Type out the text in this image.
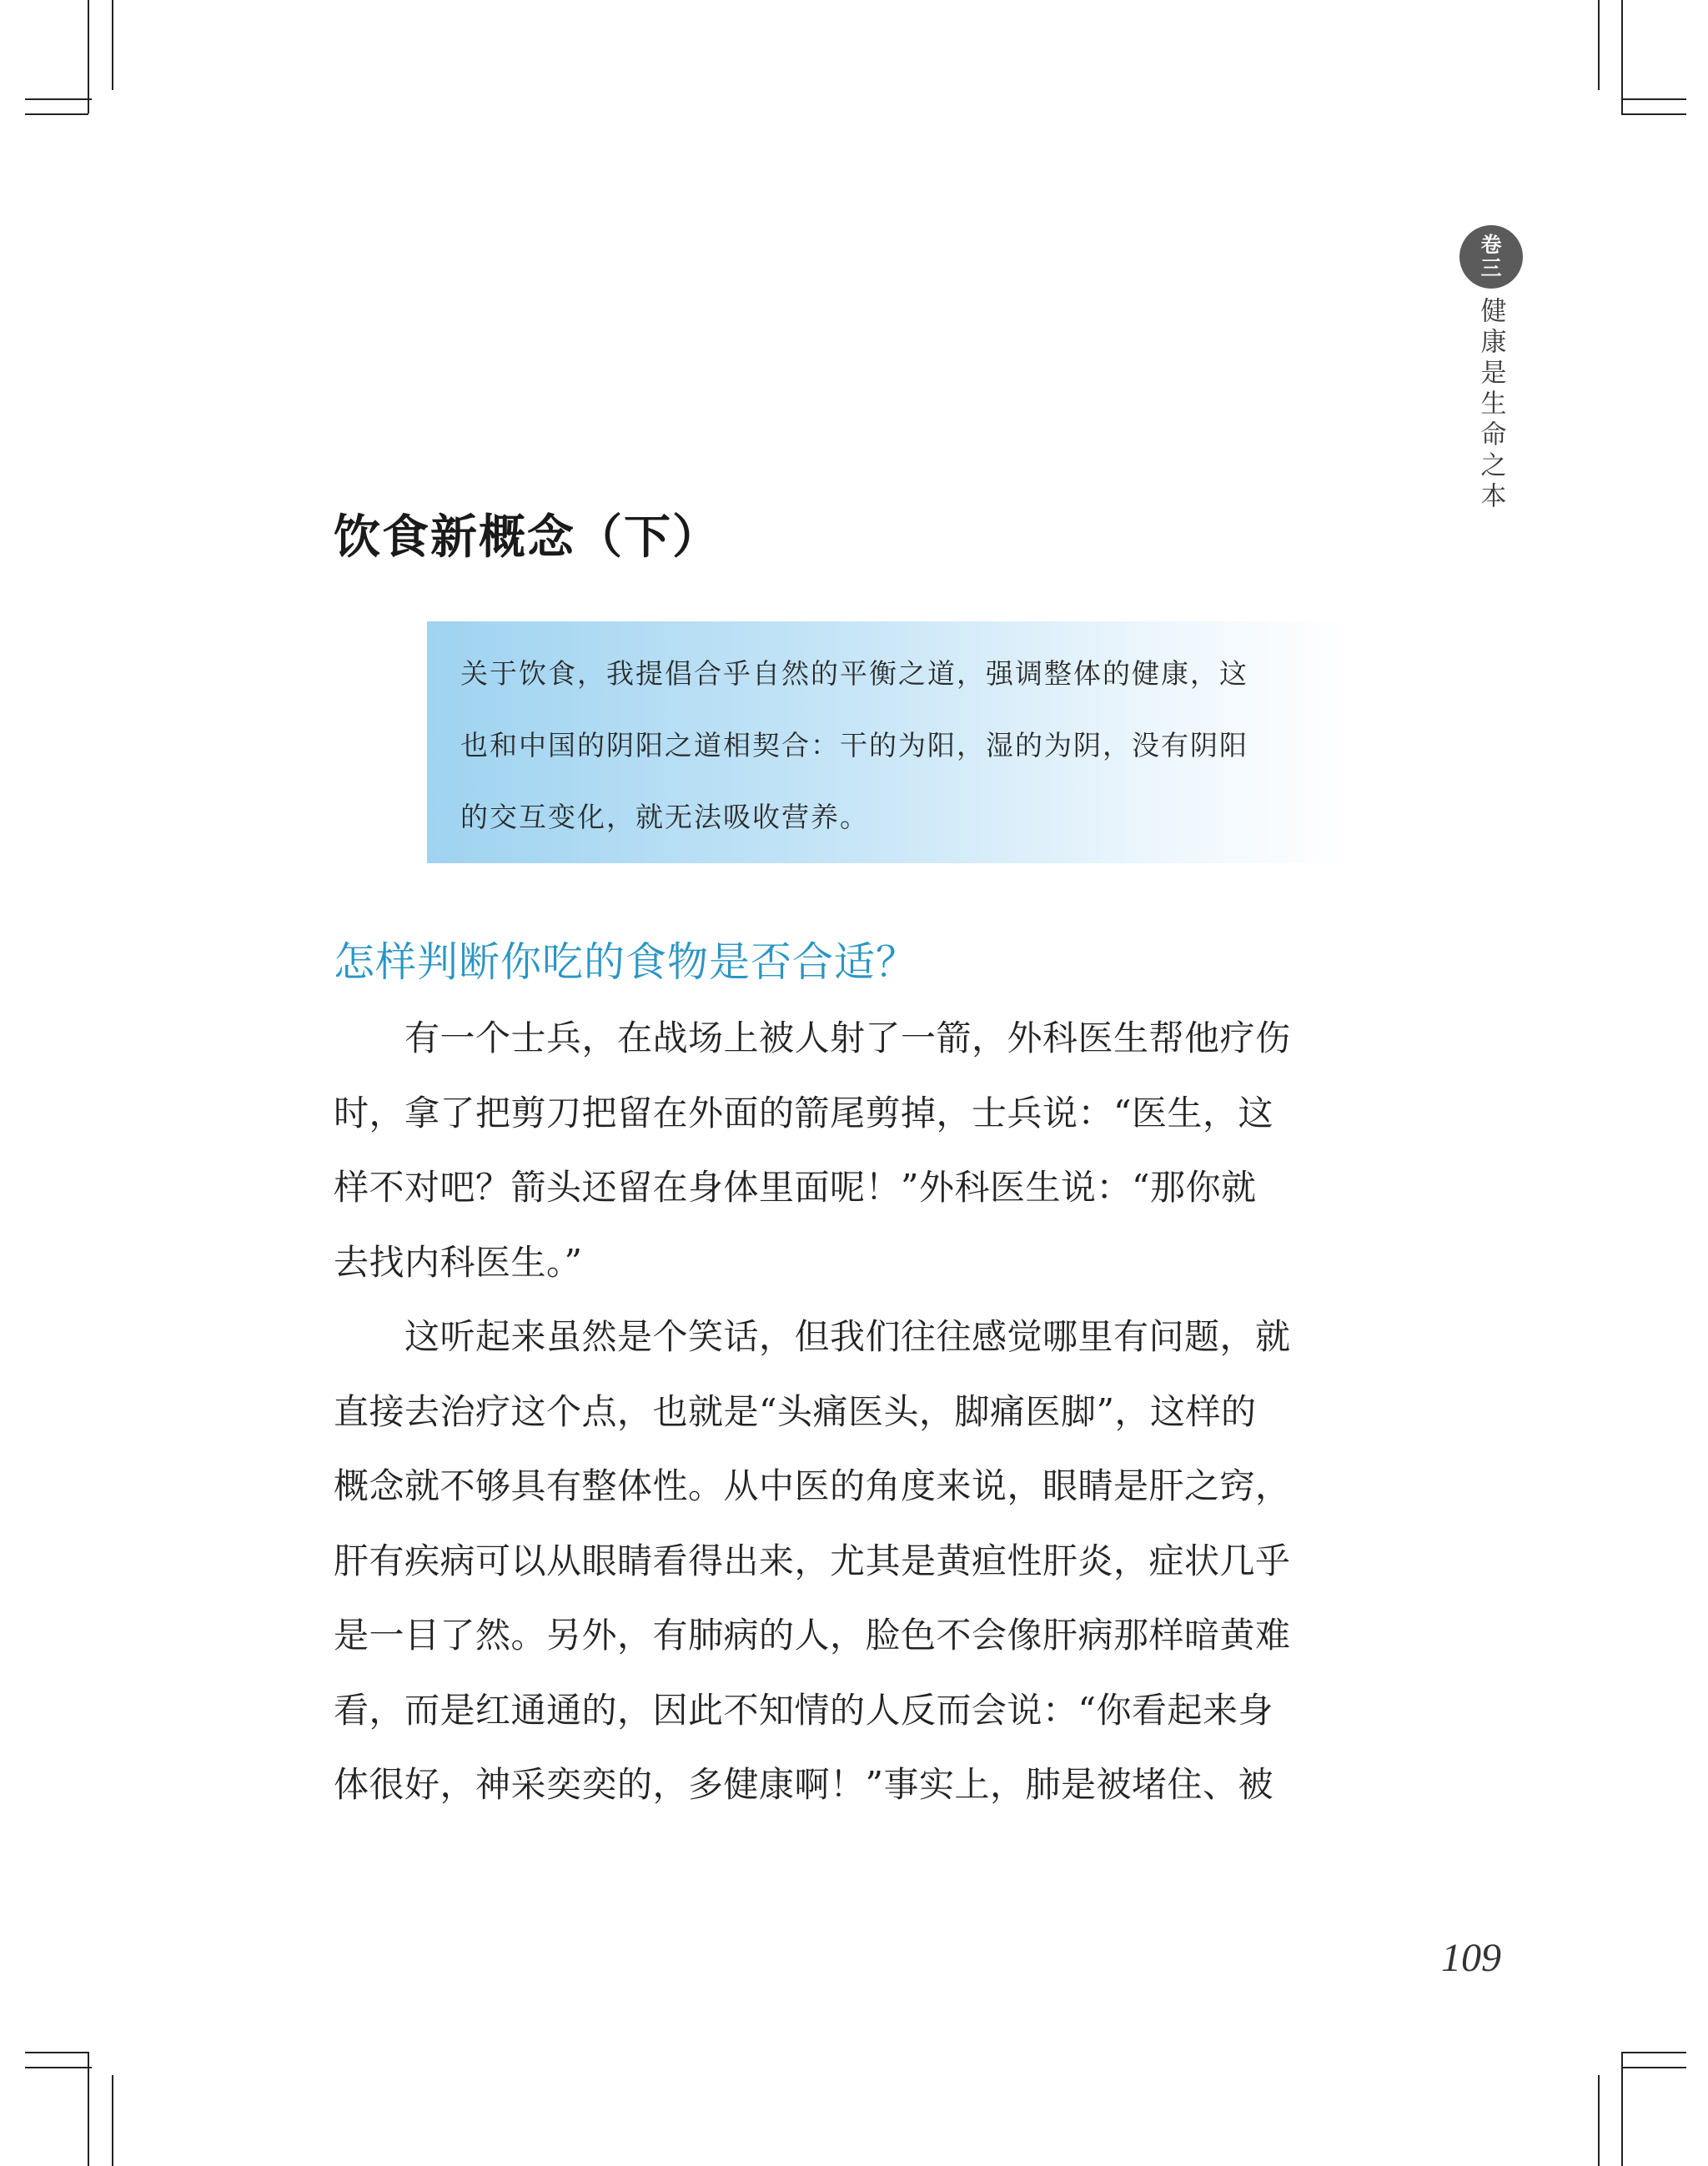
卷
三
健康是生命之本
饮食新概念（下）
关于饮食，我提倡合乎自然的平衡之道，强调整体的健康，这
也和中国的阴阳之道相契合：干的为阳，湿的为阴，没有阴阳
的交互变化，就无法吸收营养。
怎样判断你吃的食物是否合适？
　　有一个士兵，在战场上被人射了一箭，外科医生帮他疗伤
时，拿了把剪刀把留在外面的箭尾剪掉，士兵说：“医生，这
样不对吧？箭头还留在身体里面呢！”外科医生说：“那你就
去找内科医生。”
　　这听起来虽然是个笑话，但我们往往感觉哪里有问题，就
直接去治疗这个点，也就是“头痛医头，脚痛医脚”，这样的
概念就不够具有整体性。从中医的角度来说，眼睛是肝之窍，
肝有疾病可以从眼睛看得出来，尤其是黄疸性肝炎，症状几乎
是一目了然。另外，有肺病的人，脸色不会像肝病那样暗黄难
看，而是红通通的，因此不知情的人反而会说：“你看起来身
体很好，神采奕奕的，多健康啊！”事实上，肺是被堵住、被
109
